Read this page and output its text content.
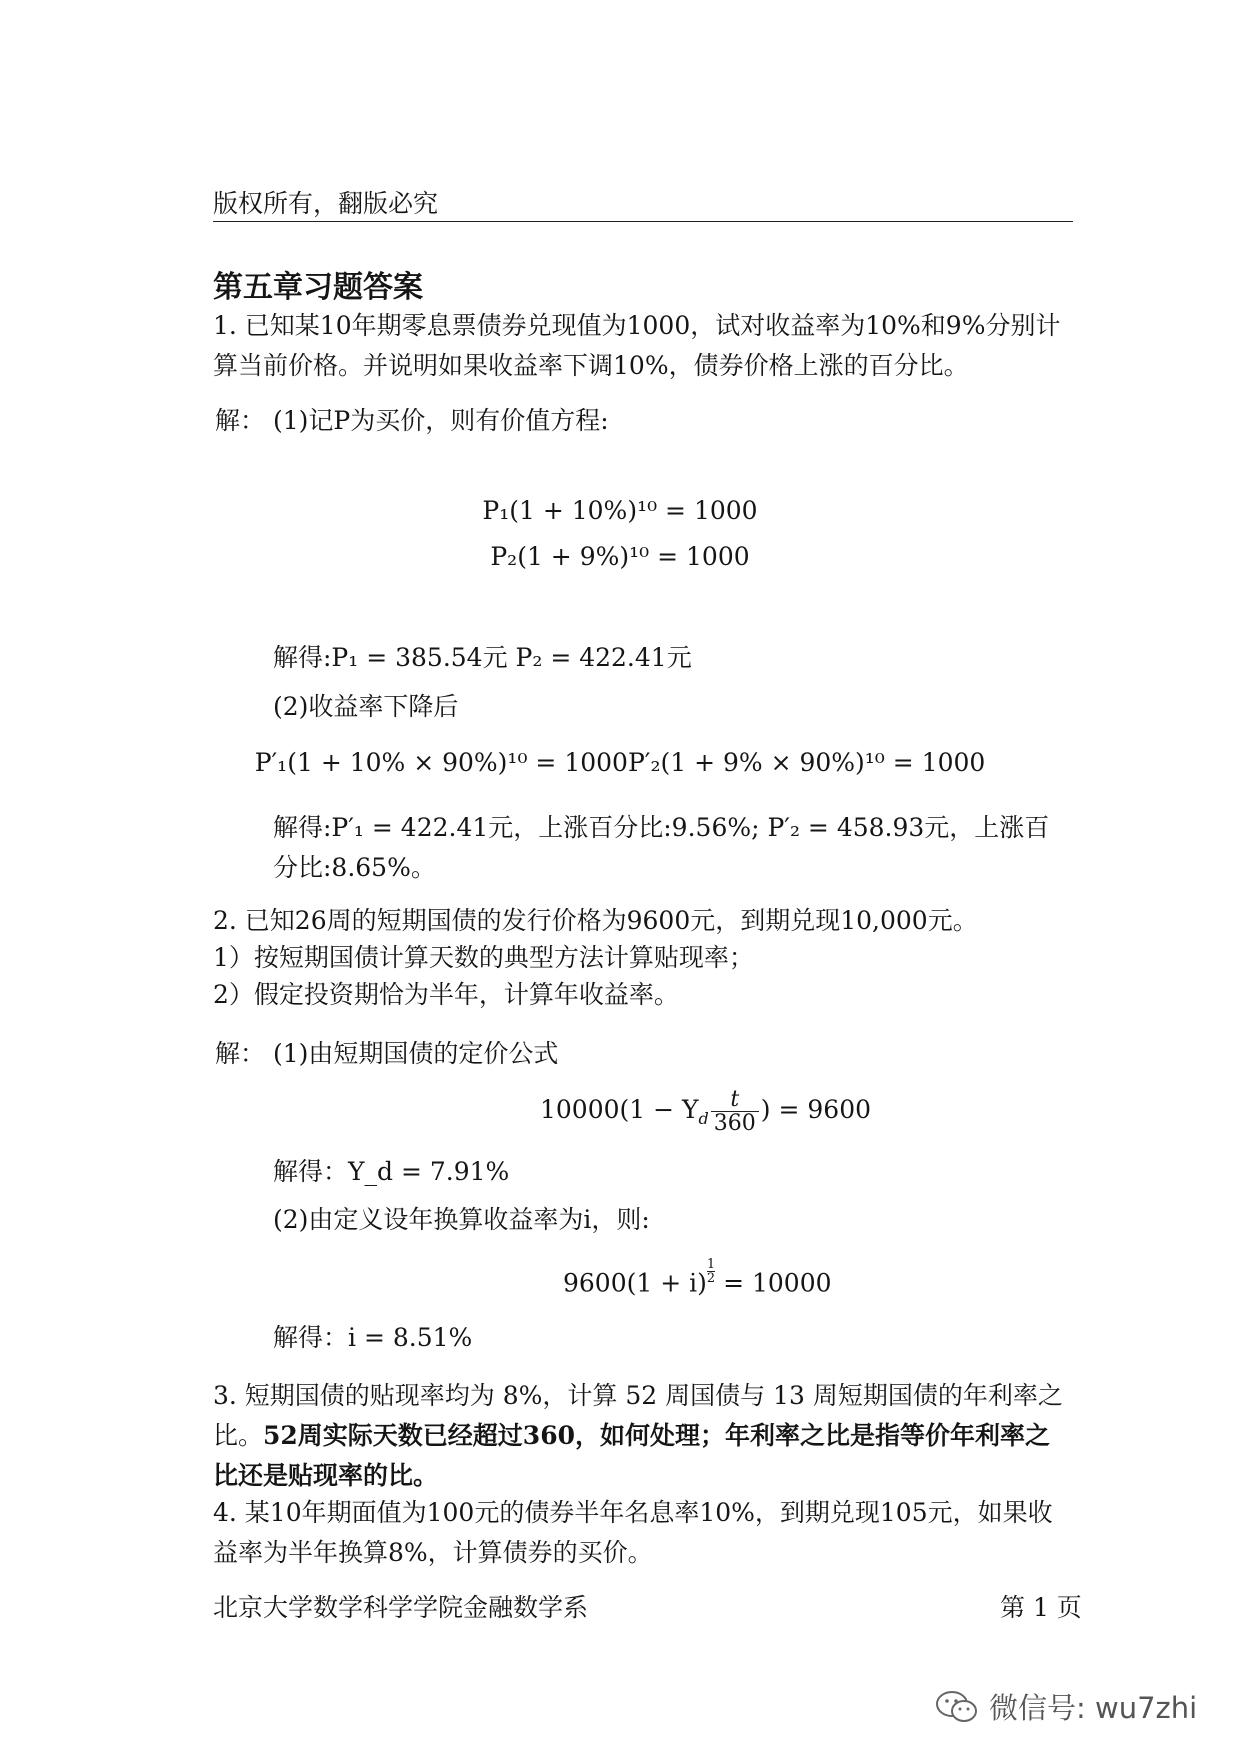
版权所有，翻版必究
第五章习题答案
1. 已知某10年期零息票债券兑现值为1000，试对收益率为10%和9%分别计算当前价格。并说明如果收益率下调10%，债券价格上涨的百分比。
解： (1)记P为买价，则有价值方程:
P₁(1 + 10%)¹⁰ = 1000
P₂(1 + 9%)¹⁰ = 1000
解得:P₁ = 385.54元 P₂ = 422.41元
(2)收益率下降后
P′₁(1 + 10% × 90%)¹⁰ = 1000P′₂(1 + 9% × 90%)¹⁰ = 1000
解得:P′₁ = 422.41元，上涨百分比:9.56%; P′₂ = 458.93元，上涨百分比:8.65%。
2. 已知26周的短期国债的发行价格为9600元，到期兑现10,000元。
1）按短期国债计算天数的典型方法计算贴现率；
2）假定投资期恰为半年，计算年收益率。
解： (1)由短期国债的定价公式
$10000(1 - Y_d \frac{t}{360}$ ) = 9600
解得：Y_d = 7.91%
(2)由定义设年换算收益率为i，则:
$9600(1 + i) \frac{1}{2} = 10000$
解得：i = 8.51%
3. 短期国债的贴现率均为 8%，计算 52 周国债与 13 周短期国债的年利率之比。52周实际天数已经超过360，如何处理；年利率之比是指等价年利率之比还是贴现率的比。
4. 某10年期面值为100元的债券半年名息率10%，到期兑现105元，如果收益率为半年换算8%，计算债券的买价。
北京大学数学科学学院金融数学系	第 1 页
微信号: wu7zhi
